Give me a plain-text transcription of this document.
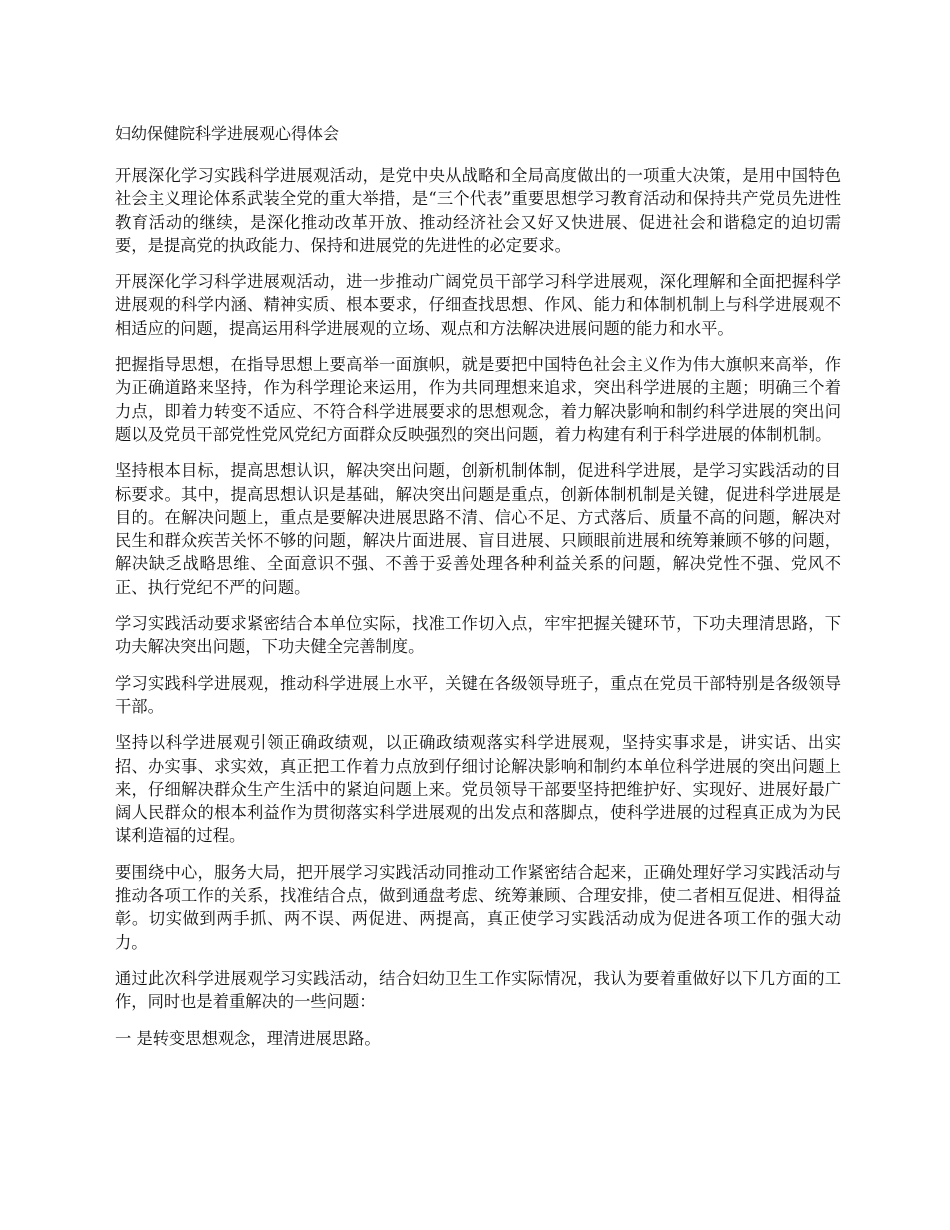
妇幼保健院科学进展观心得体会

开展深化学习实践科学进展观活动，是党中央从战略和全局高度做出的一项重大决策，是用中国特色社会主义理论体系武装全党的重大举措，是“三个代表”重要思想学习教育活动和保持共产党员先进性教育活动的继续，是深化推动改革开放、推动经济社会又好又快进展、促进社会和谐稳定的迫切需要，是提高党的执政能力、保持和进展党的先进性的必定要求。

开展深化学习科学进展观活动，进一步推动广阔党员干部学习科学进展观，深化理解和全面把握科学进展观的科学内涵、精神实质、根本要求，仔细查找思想、作风、能力和体制机制上与科学进展观不相适应的问题，提高运用科学进展观的立场、观点和方法解决进展问题的能力和水平。

把握指导思想，在指导思想上要高举一面旗帜，就是要把中国特色社会主义作为伟大旗帜来高举，作为正确道路来坚持，作为科学理论来运用，作为共同理想来追求，突出科学进展的主题；明确三个着力点，即着力转变不适应、不符合科学进展要求的思想观念，着力解决影响和制约科学进展的突出问题以及党员干部党性党风党纪方面群众反映强烈的突出问题，着力构建有利于科学进展的体制机制。

坚持根本目标，提高思想认识，解决突出问题，创新机制体制，促进科学进展，是学习实践活动的目标要求。其中，提高思想认识是基础，解决突出问题是重点，创新体制机制是关键，促进科学进展是目的。在解决问题上，重点是要解决进展思路不清、信心不足、方式落后、质量不高的问题，解决对民生和群众疾苦关怀不够的问题，解决片面进展、盲目进展、只顾眼前进展和统筹兼顾不够的问题，解决缺乏战略思维、全面意识不强、不善于妥善处理各种利益关系的问题，解决党性不强、党风不正、执行党纪不严的问题。

学习实践活动要求紧密结合本单位实际，找准工作切入点，牢牢把握关键环节，下功夫理清思路，下功夫解决突出问题，下功夫健全完善制度。

学习实践科学进展观，推动科学进展上水平，关键在各级领导班子，重点在党员干部特别是各级领导干部。

坚持以科学进展观引领正确政绩观，以正确政绩观落实科学进展观，坚持实事求是，讲实话、出实招、办实事、求实效，真正把工作着力点放到仔细讨论解决影响和制约本单位科学进展的突出问题上来，仔细解决群众生产生活中的紧迫问题上来。党员领导干部要坚持把维护好、实现好、进展好最广阔人民群众的根本利益作为贯彻落实科学进展观的出发点和落脚点，使科学进展的过程真正成为为民谋利造福的过程。

要围绕中心，服务大局，把开展学习实践活动同推动工作紧密结合起来，正确处理好学习实践活动与推动各项工作的关系，找准结合点，做到通盘考虑、统筹兼顾、合理安排，使二者相互促进、相得益彰。切实做到两手抓、两不误、两促进、两提高，真正使学习实践活动成为促进各项工作的强大动力。

通过此次科学进展观学习实践活动，结合妇幼卫生工作实际情况，我认为要着重做好以下几方面的工作，同时也是着重解决的一些问题：

一 是转变思想观念，理清进展思路。
